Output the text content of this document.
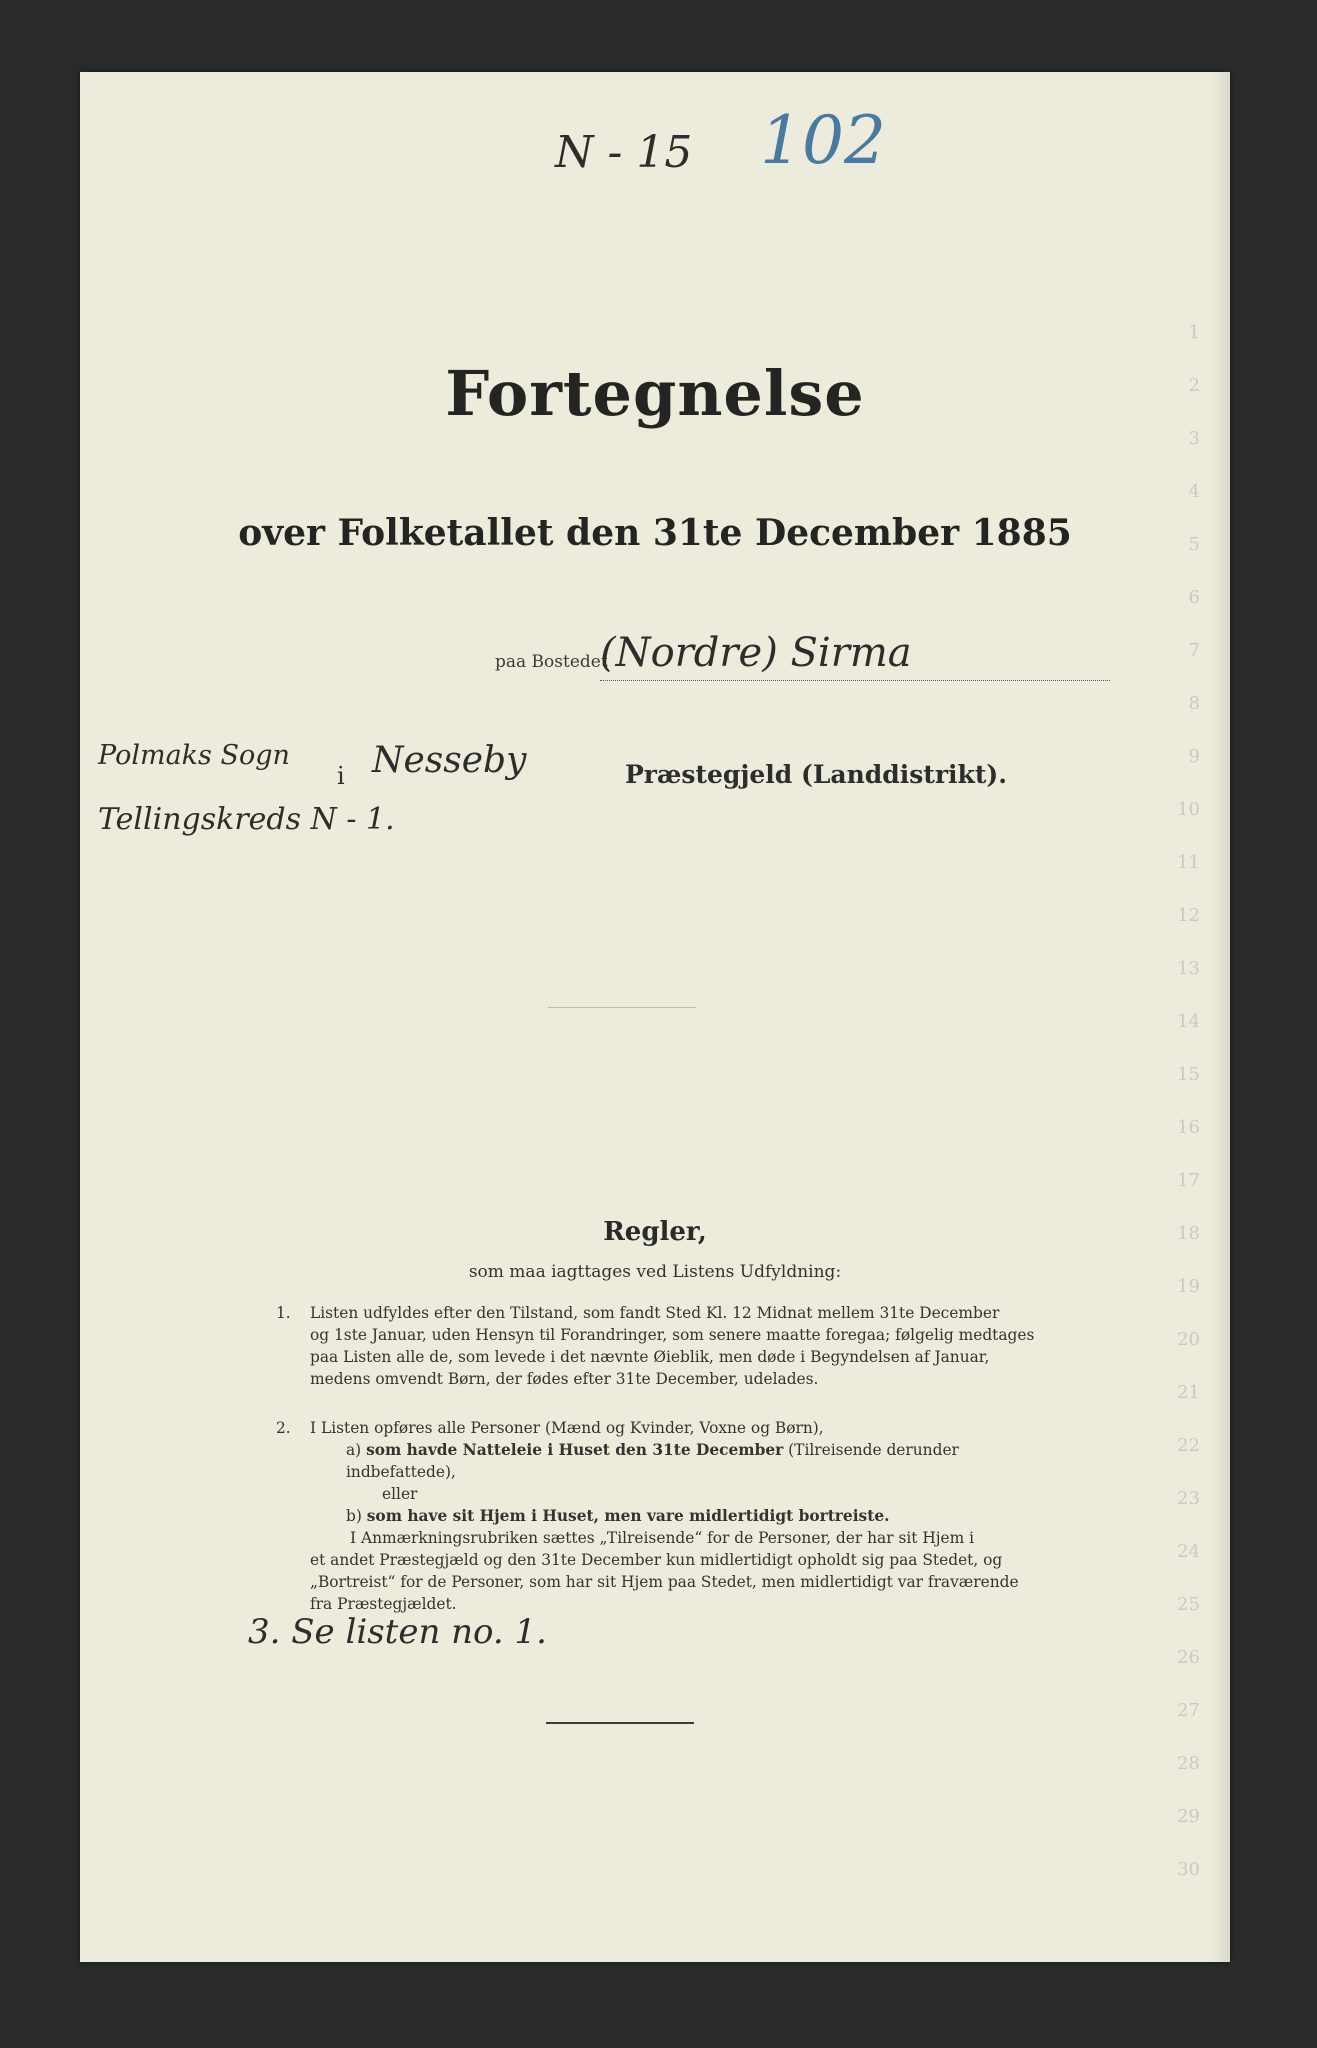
1
2
3
4
5
6
7
8
9
10
11
12
13
14
15
16
17
18
19
20
21
22
23
24
25
26
27
28
29
30
N - 15 102
Fortegnelse
over Folketallet den 31te December 1885
paa Bostedet
(Nordre) Sirma
Polmaks Sogn
i Nesseby	Præstegjeld (Landdistrikt).
Tellingskreds N - 1.
Regler,
som maa iagttages ved Listens Udfyldning:
1.	Listen udfyldes efter den Tilstand, som fandt Sted Kl. 12 Midnat mellem 31te December
og 1ste Januar, uden Hensyn til Forandringer, som senere maatte foregaa; følgelig medtages
paa Listen alle de, som levede i det nævnte Øieblik, men døde i Begyndelsen af Januar,
medens omvendt Børn, der fødes efter 31te December, udelades.
2.	I Listen opføres alle Personer (Mænd og Kvinder, Voxne og Børn),
a) som havde Natteleie i Huset den 31te December (Tilreisende derunder indbefattede),
eller
b) som have sit Hjem i Huset, men vare midlertidigt bortreiste.
I Anmærkningsrubriken sættes „Tilreisende“ for de Personer, der har sit Hjem i
et andet Præstegjæld og den 31te December kun midlertidigt opholdt sig paa Stedet, og
„Bortreist“ for de Personer, som har sit Hjem paa Stedet, men midlertidigt var fraværende
fra Præstegjældet.
3. Se listen no. 1.
